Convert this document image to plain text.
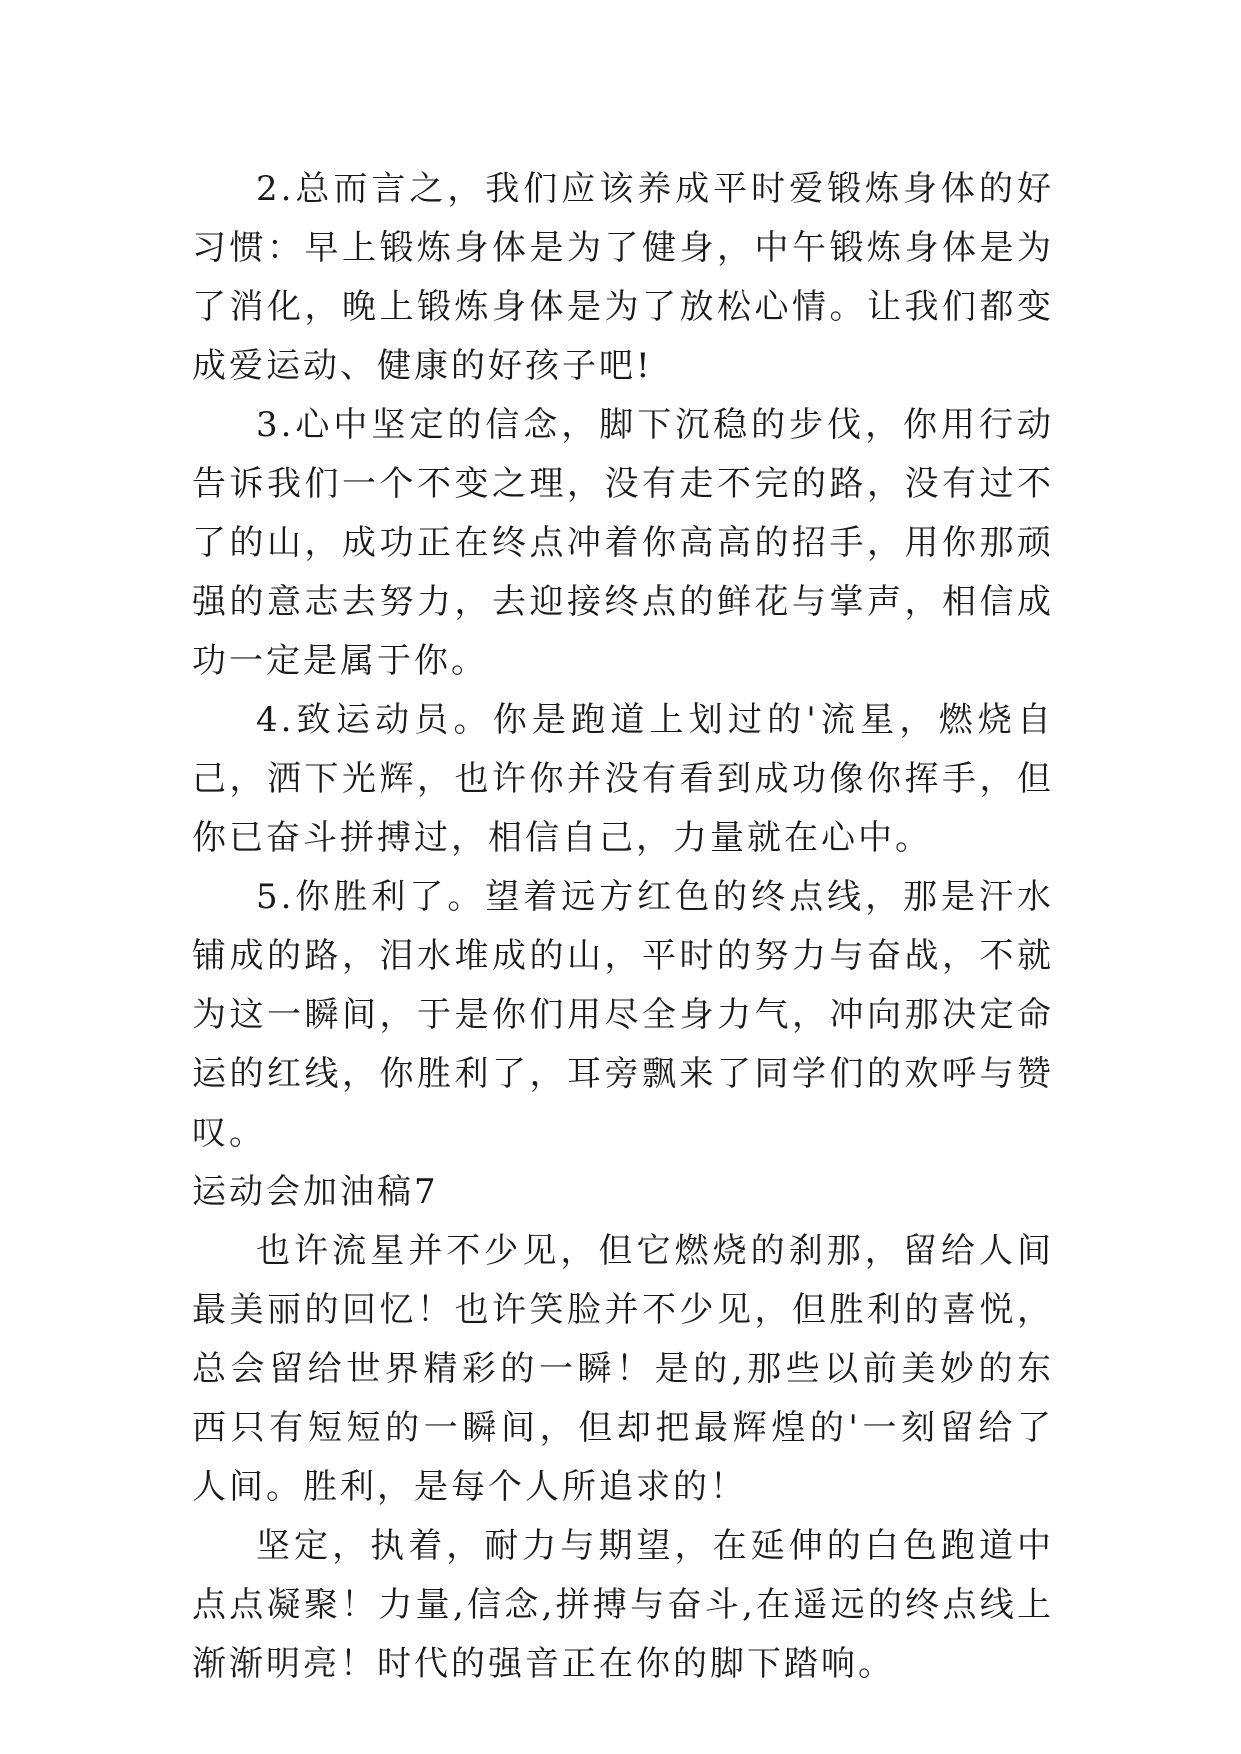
2.总而言之，我们应该养成平时爱锻炼身体的好习惯：早上锻炼身体是为了健身，中午锻炼身体是为了消化，晚上锻炼身体是为了放松心情。让我们都变成爱运动、健康的好孩子吧!

3.心中坚定的信念，脚下沉稳的步伐，你用行动告诉我们一个不变之理，没有走不完的路，没有过不了的山，成功正在终点冲着你高高的招手，用你那顽强的意志去努力，去迎接终点的鲜花与掌声，相信成功一定是属于你。

4.致运动员。你是跑道上划过的'流星，燃烧自己，洒下光辉，也许你并没有看到成功像你挥手，但你已奋斗拼搏过，相信自己，力量就在心中。

5.你胜利了。望着远方红色的终点线，那是汗水铺成的路，泪水堆成的山，平时的努力与奋战，不就为这一瞬间，于是你们用尽全身力气，冲向那决定命运的红线，你胜利了，耳旁飘来了同学们的欢呼与赞叹。

运动会加油稿7

也许流星并不少见，但它燃烧的刹那，留给人间最美丽的回忆！也许笑脸并不少见，但胜利的喜悦，总会留给世界精彩的一瞬！是的,那些以前美妙的东西只有短短的一瞬间，但却把最辉煌的'一刻留给了人间。胜利，是每个人所追求的！

坚定，执着，耐力与期望，在延伸的白色跑道中点点凝聚！力量,信念,拼搏与奋斗,在遥远的终点线上渐渐明亮！时代的强音正在你的脚下踏响。
